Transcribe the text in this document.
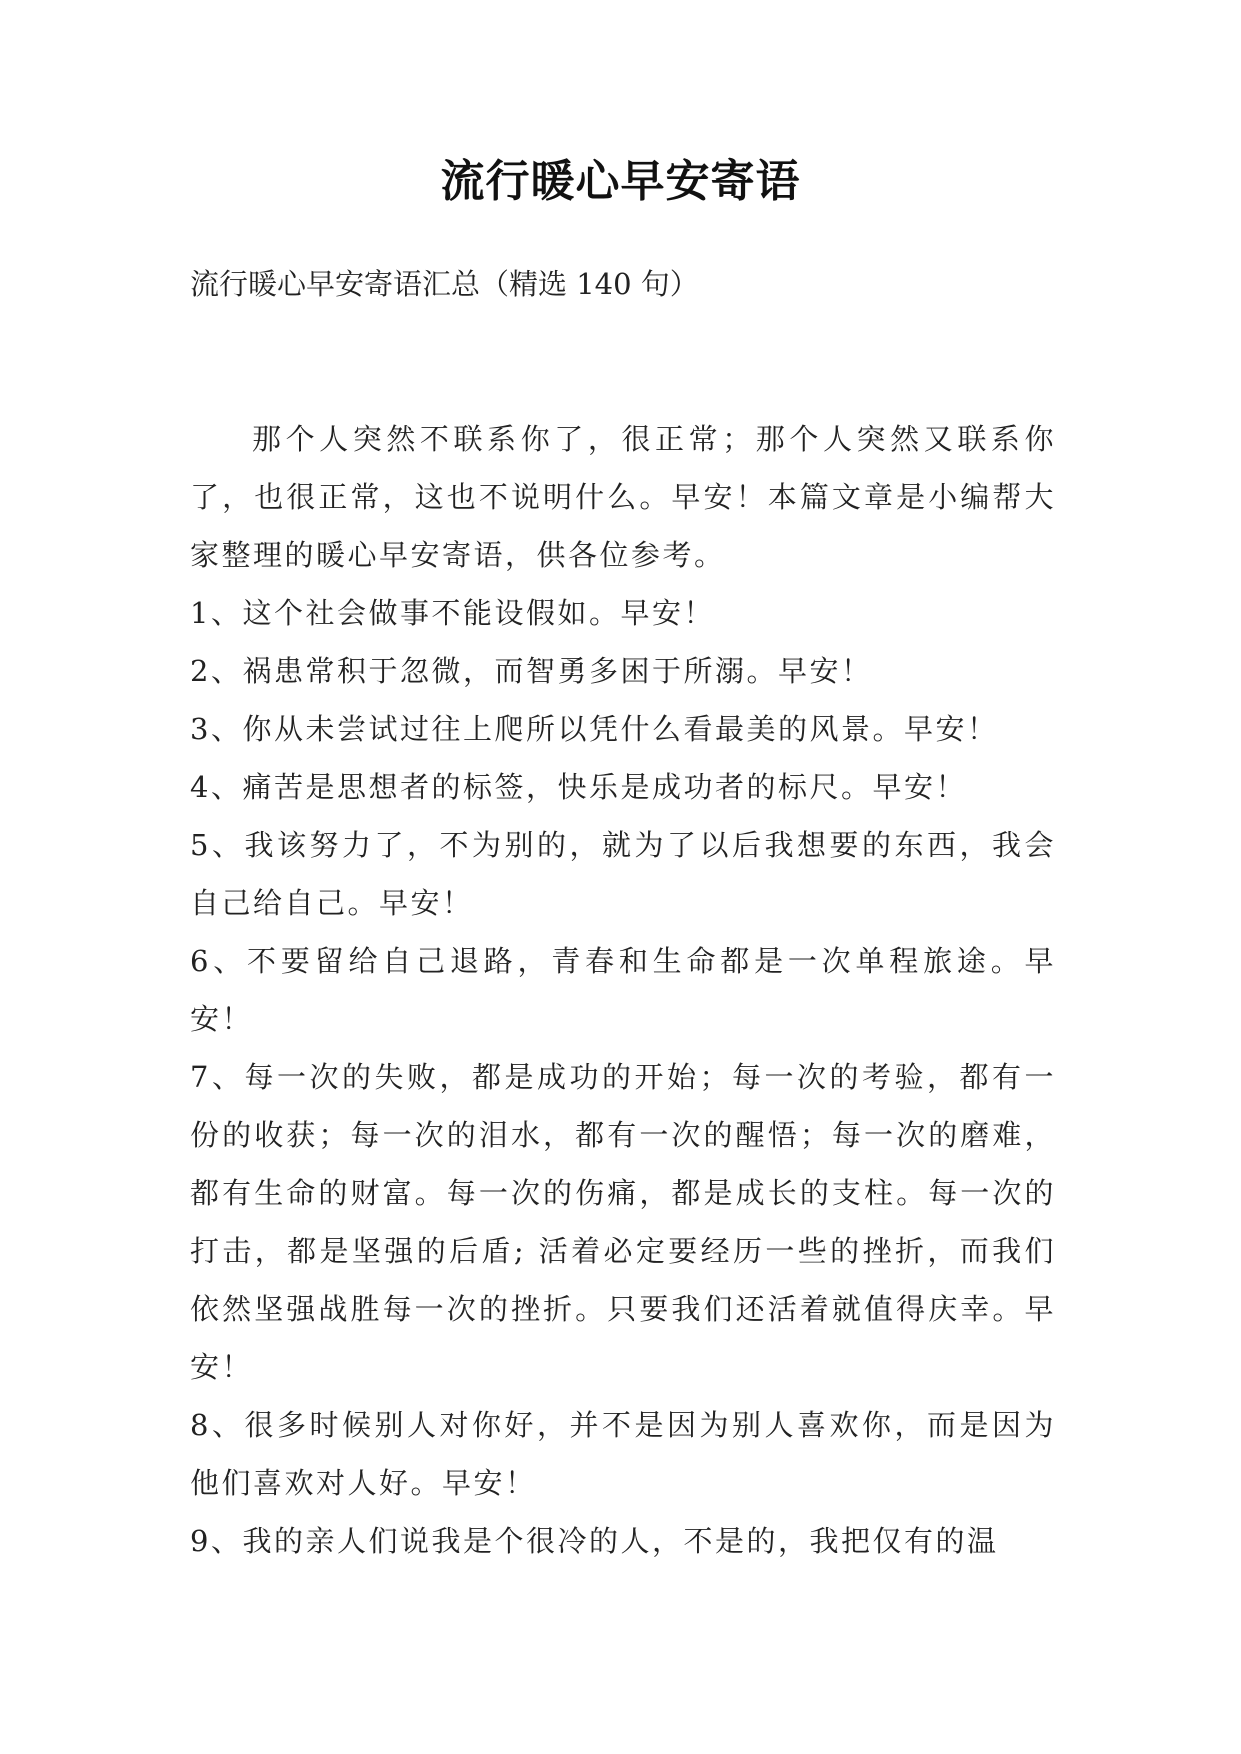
流行暖心早安寄语
流行暖心早安寄语汇总（精选 140 句）

那个人突然不联系你了，很正常；那个人突然又联系你了，也很正常，这也不说明什么。早安！本篇文章是小编帮大家整理的暖心早安寄语，供各位参考。

1、这个社会做事不能设假如。早安！

2、祸患常积于忽微，而智勇多困于所溺。早安！

3、你从未尝试过往上爬所以凭什么看最美的风景。早安！

4、痛苦是思想者的标签，快乐是成功者的标尺。早安！

5、我该努力了，不为别的，就为了以后我想要的东西，我会自己给自己。早安！

6、不要留给自己退路，青春和生命都是一次单程旅途。早安！

7、每一次的失败，都是成功的开始；每一次的考验，都有一份的收获；每一次的泪水，都有一次的醒悟；每一次的磨难，都有生命的财富。每一次的伤痛，都是成长的支柱。每一次的打击，都是坚强的后盾; 活着必定要经历一些的挫折，而我们依然坚强战胜每一次的挫折。只要我们还活着就值得庆幸。早安！

8、很多时候别人对你好，并不是因为别人喜欢你，而是因为他们喜欢对人好。早安！

9、我的亲人们说我是个很冷的人，不是的，我把仅有的温
